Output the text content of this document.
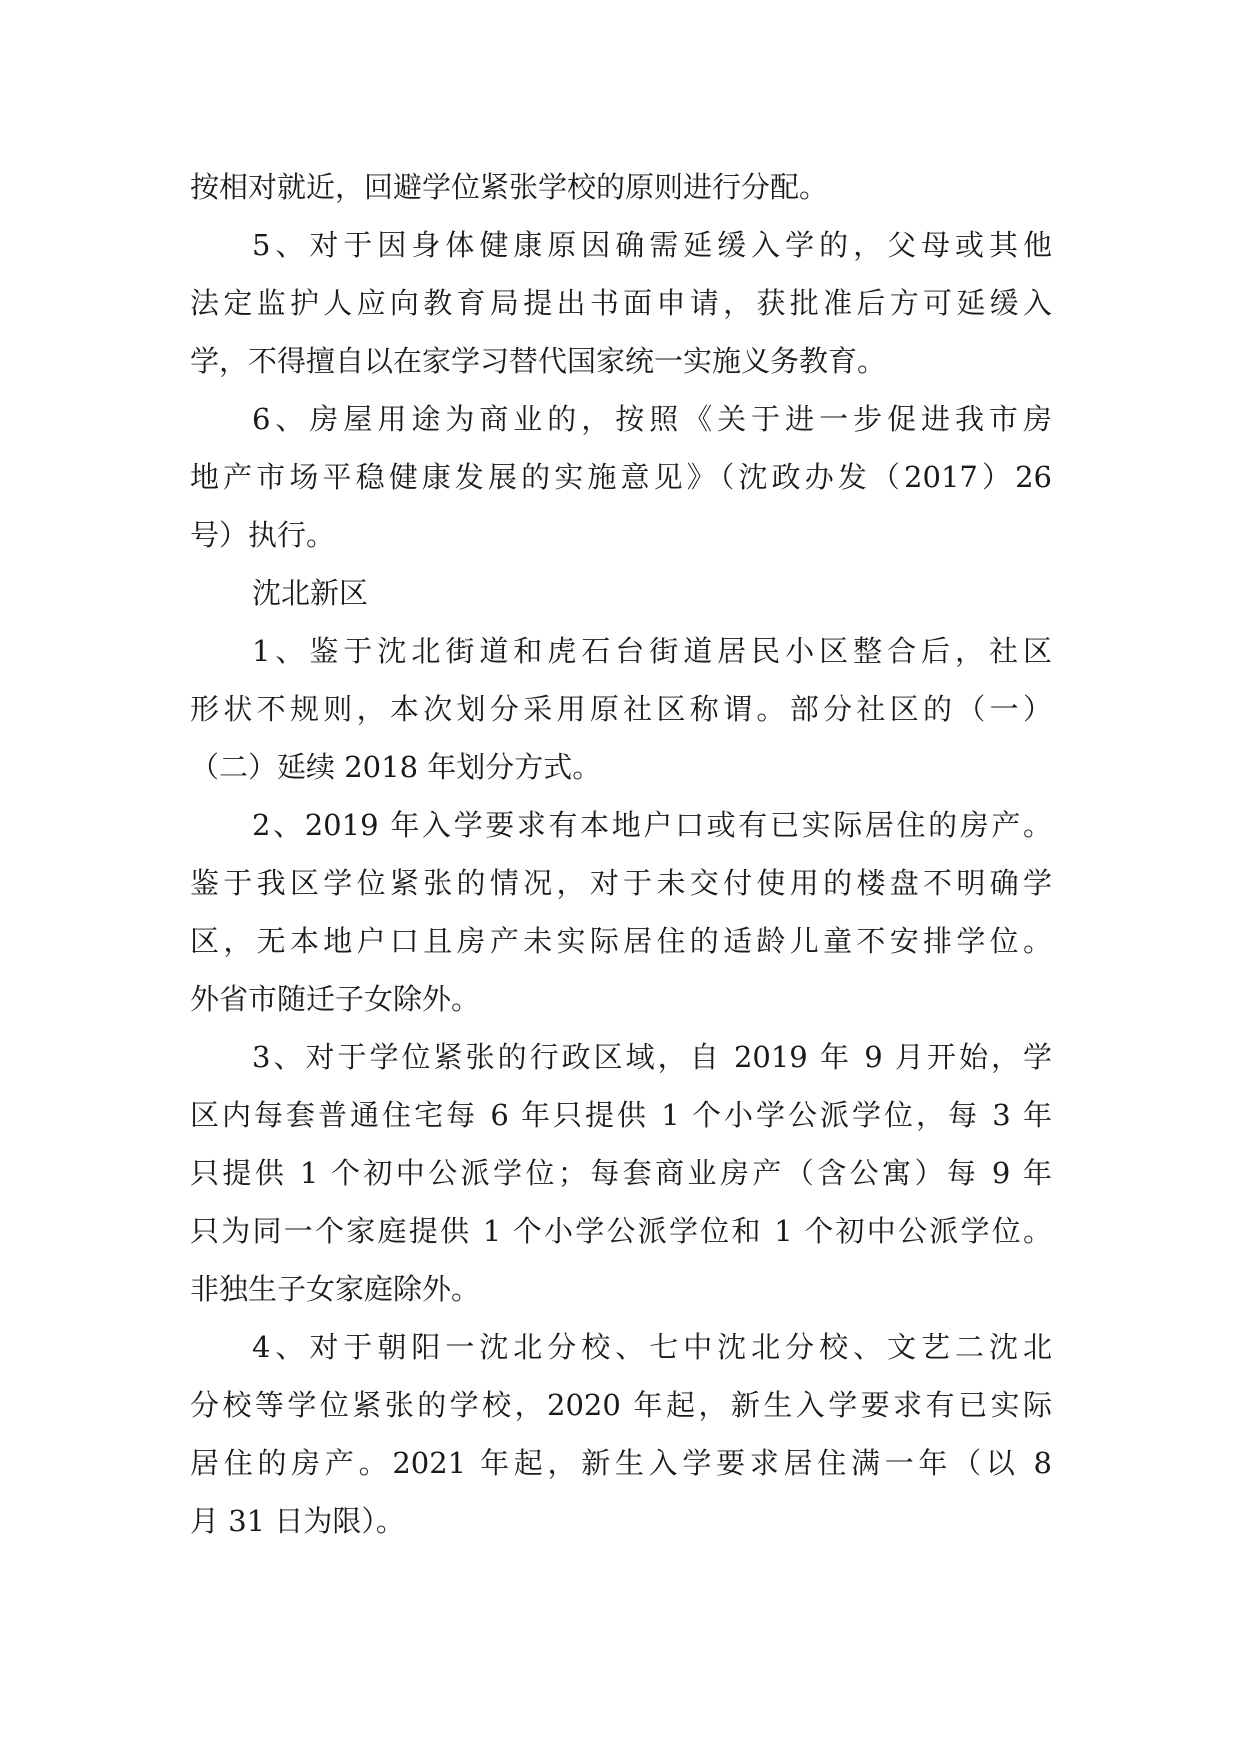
按相对就近，回避学位紧张学校的原则进行分配。
5、对于因身体健康原因确需延缓入学的，父母或其他
法定监护人应向教育局提出书面申请，获批准后方可延缓入
学，不得擅自以在家学习替代国家统一实施义务教育。
6、房屋用途为商业的，按照《关于进一步促进我市房
地产市场平稳健康发展的实施意见》（沈政办发（2017）26
号）执行。
沈北新区
1、鉴于沈北街道和虎石台街道居民小区整合后，社区
形状不规则，本次划分采用原社区称谓。部分社区的（一）
（二）延续 2018 年划分方式。
2、2019 年入学要求有本地户口或有已实际居住的房产。
鉴于我区学位紧张的情况，对于未交付使用的楼盘不明确学
区，无本地户口且房产未实际居住的适龄儿童不安排学位。
外省市随迁子女除外。
3、对于学位紧张的行政区域，自 2019 年 9 月开始，学
区内每套普通住宅每 6 年只提供 1 个小学公派学位，每 3 年
只提供 1 个初中公派学位；每套商业房产（含公寓）每 9 年
只为同一个家庭提供 1 个小学公派学位和 1 个初中公派学位。
非独生子女家庭除外。
4、对于朝阳一沈北分校、七中沈北分校、文艺二沈北
分校等学位紧张的学校，2020 年起，新生入学要求有已实际
居住的房产。2021 年起，新生入学要求居住满一年（以 8
月 31 日为限）。
